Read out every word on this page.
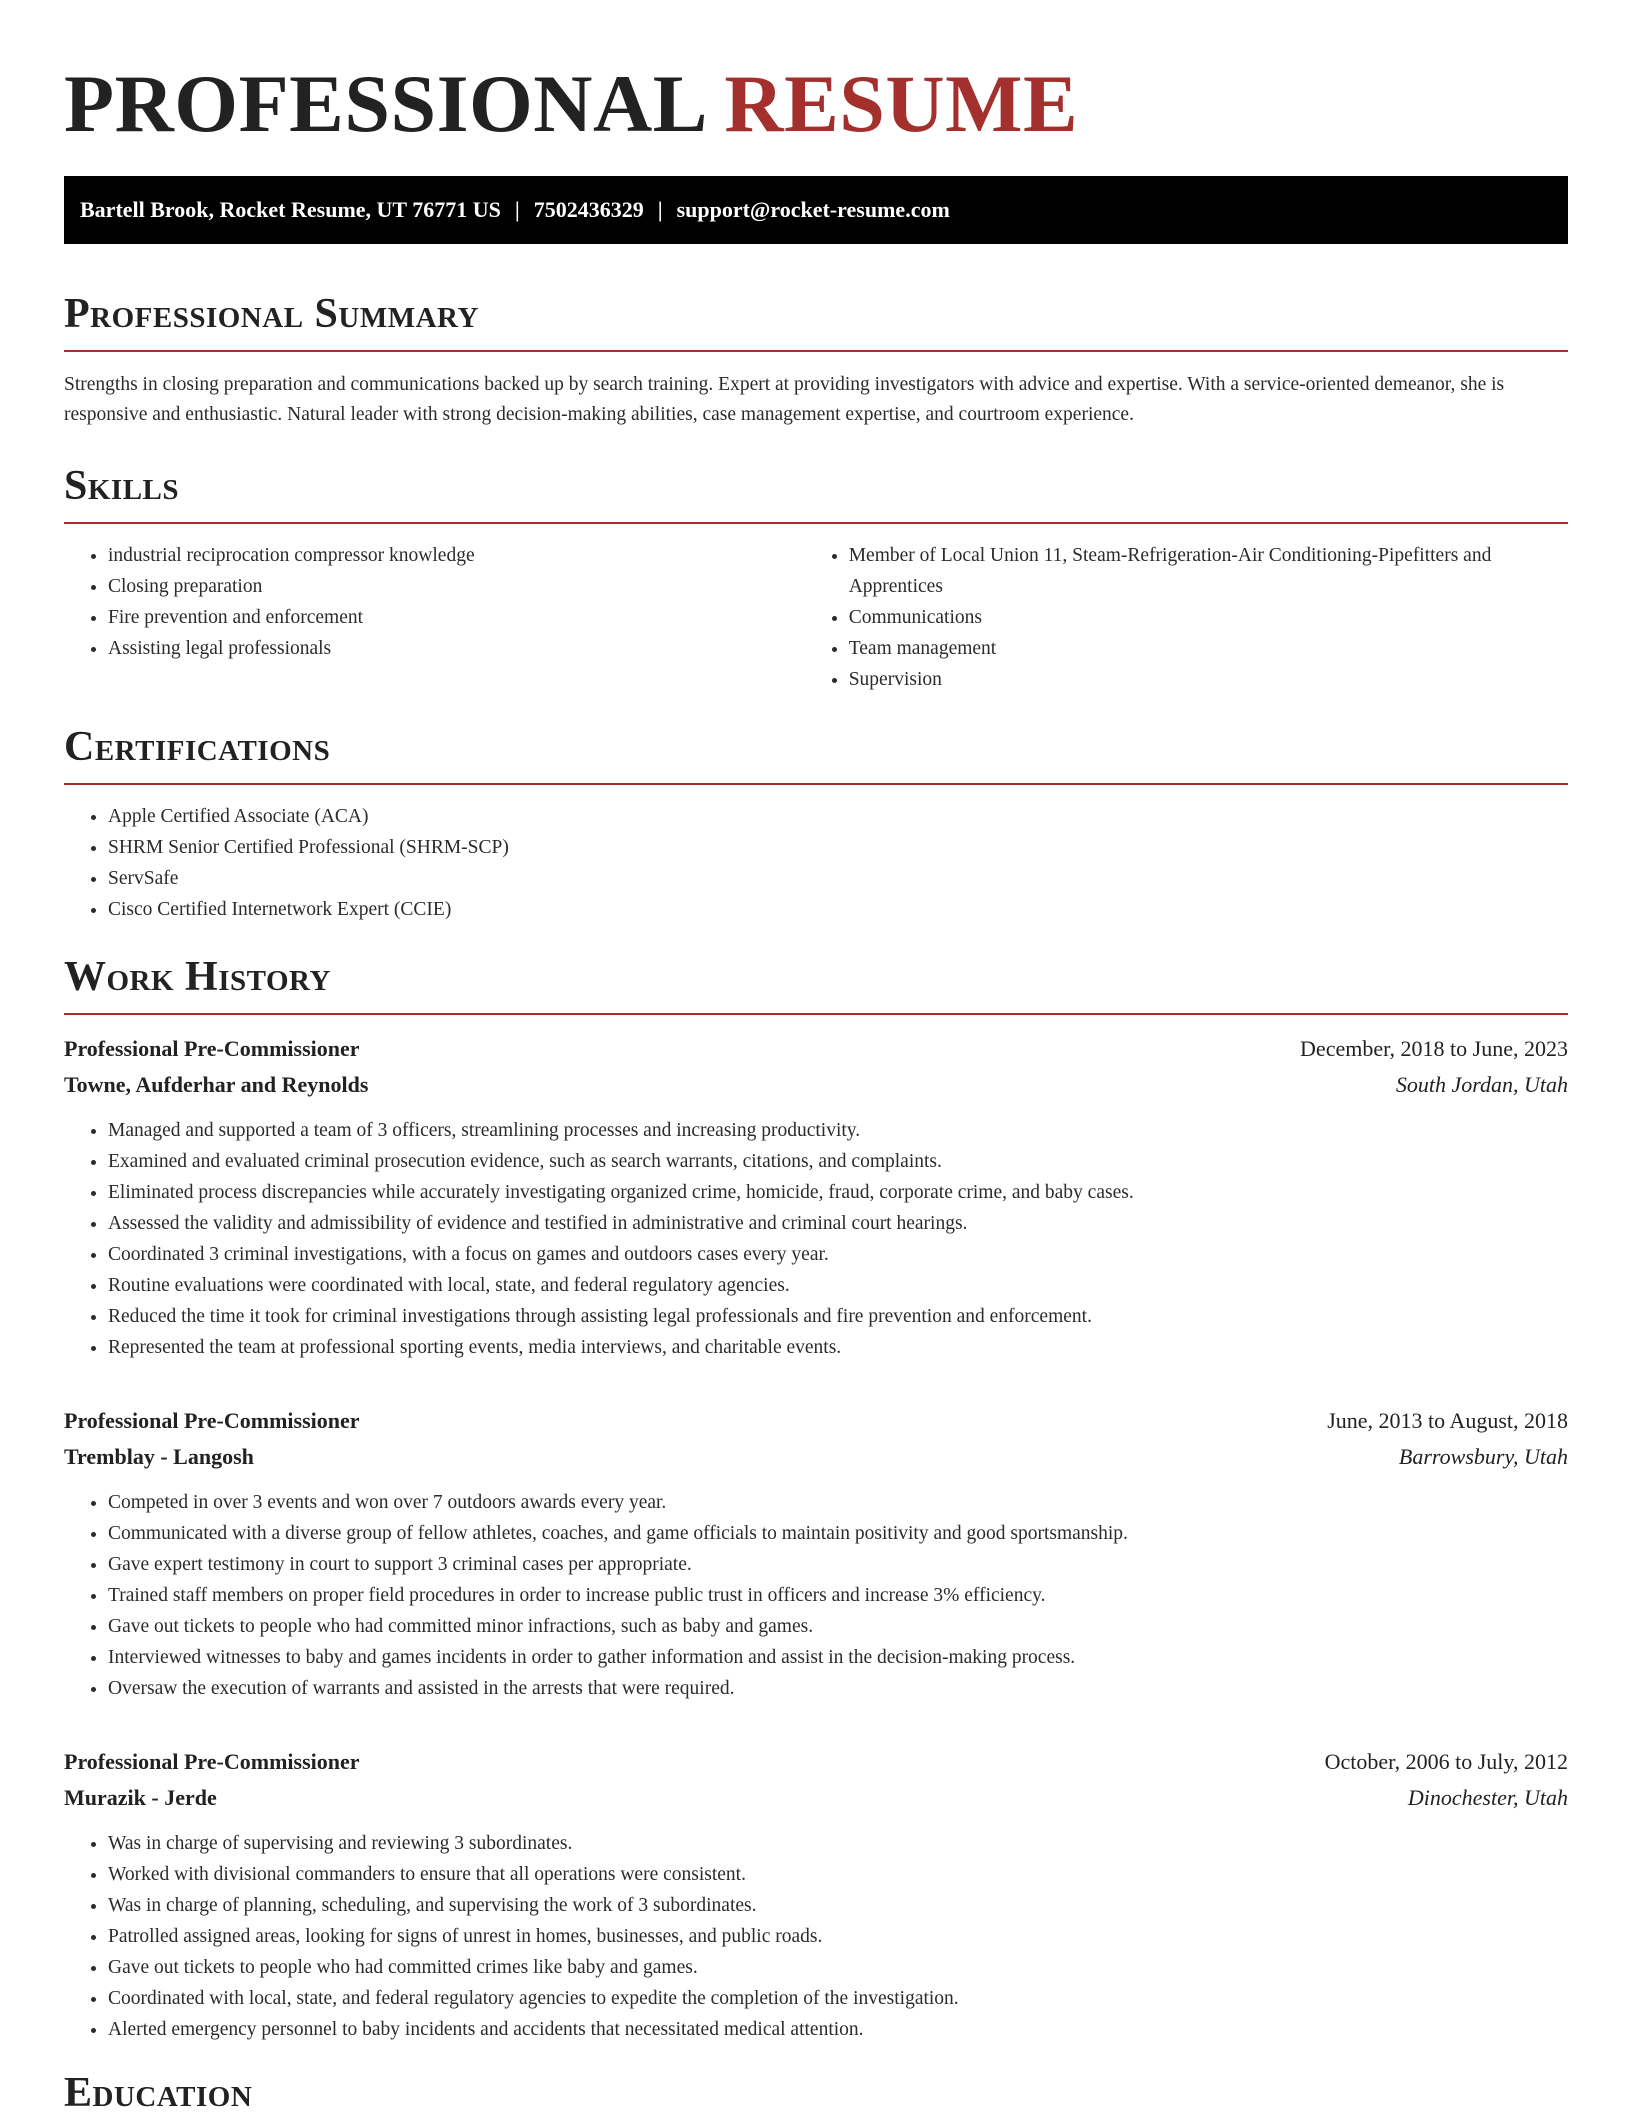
PROFESSIONAL RESUME
Bartell Brook, Rocket Resume, UT 76771 US | 7502436329 | support@rocket-resume.com
Professional Summary

Strengths in closing preparation and communications backed up by search training. Expert at providing investigators with advice and expertise. With a service-oriented demeanor, she is responsive and enthusiastic. Natural leader with strong decision-making abilities, case management expertise, and courtroom experience.

Skills
• industrial reciprocation compressor knowledge
• Closing preparation
• Fire prevention and enforcement
• Assisting legal professionals
• Member of Local Union 11, Steam-Refrigeration-Air Conditioning-Pipefitters and Apprentices
• Communications
• Team management
• Supervision
Certifications
• Apple Certified Associate (ACA)
• SHRM Senior Certified Professional (SHRM-SCP)
• ServSafe
• Cisco Certified Internetwork Expert (CCIE)
Work History
Professional Pre-Commissioner	December, 2018 to June, 2023
Towne, Aufderhar and Reynolds	South Jordan, Utah
• Managed and supported a team of 3 officers, streamlining processes and increasing productivity.
• Examined and evaluated criminal prosecution evidence, such as search warrants, citations, and complaints.
• Eliminated process discrepancies while accurately investigating organized crime, homicide, fraud, corporate crime, and baby cases.
• Assessed the validity and admissibility of evidence and testified in administrative and criminal court hearings.
• Coordinated 3 criminal investigations, with a focus on games and outdoors cases every year.
• Routine evaluations were coordinated with local, state, and federal regulatory agencies.
• Reduced the time it took for criminal investigations through assisting legal professionals and fire prevention and enforcement.
• Represented the team at professional sporting events, media interviews, and charitable events.
Professional Pre-Commissioner	June, 2013 to August, 2018
Tremblay - Langosh	Barrowsbury, Utah
• Competed in over 3 events and won over 7 outdoors awards every year.
• Communicated with a diverse group of fellow athletes, coaches, and game officials to maintain positivity and good sportsmanship.
• Gave expert testimony in court to support 3 criminal cases per appropriate.
• Trained staff members on proper field procedures in order to increase public trust in officers and increase 3% efficiency.
• Gave out tickets to people who had committed minor infractions, such as baby and games.
• Interviewed witnesses to baby and games incidents in order to gather information and assist in the decision-making process.
• Oversaw the execution of warrants and assisted in the arrests that were required.
Professional Pre-Commissioner	October, 2006 to July, 2012
Murazik - Jerde	Dinochester, Utah
• Was in charge of supervising and reviewing 3 subordinates.
• Worked with divisional commanders to ensure that all operations were consistent.
• Was in charge of planning, scheduling, and supervising the work of 3 subordinates.
• Patrolled assigned areas, looking for signs of unrest in homes, businesses, and public roads.
• Gave out tickets to people who had committed crimes like baby and games.
• Coordinated with local, state, and federal regulatory agencies to expedite the completion of the investigation.
• Alerted emergency personnel to baby incidents and accidents that necessitated medical attention.
Education
